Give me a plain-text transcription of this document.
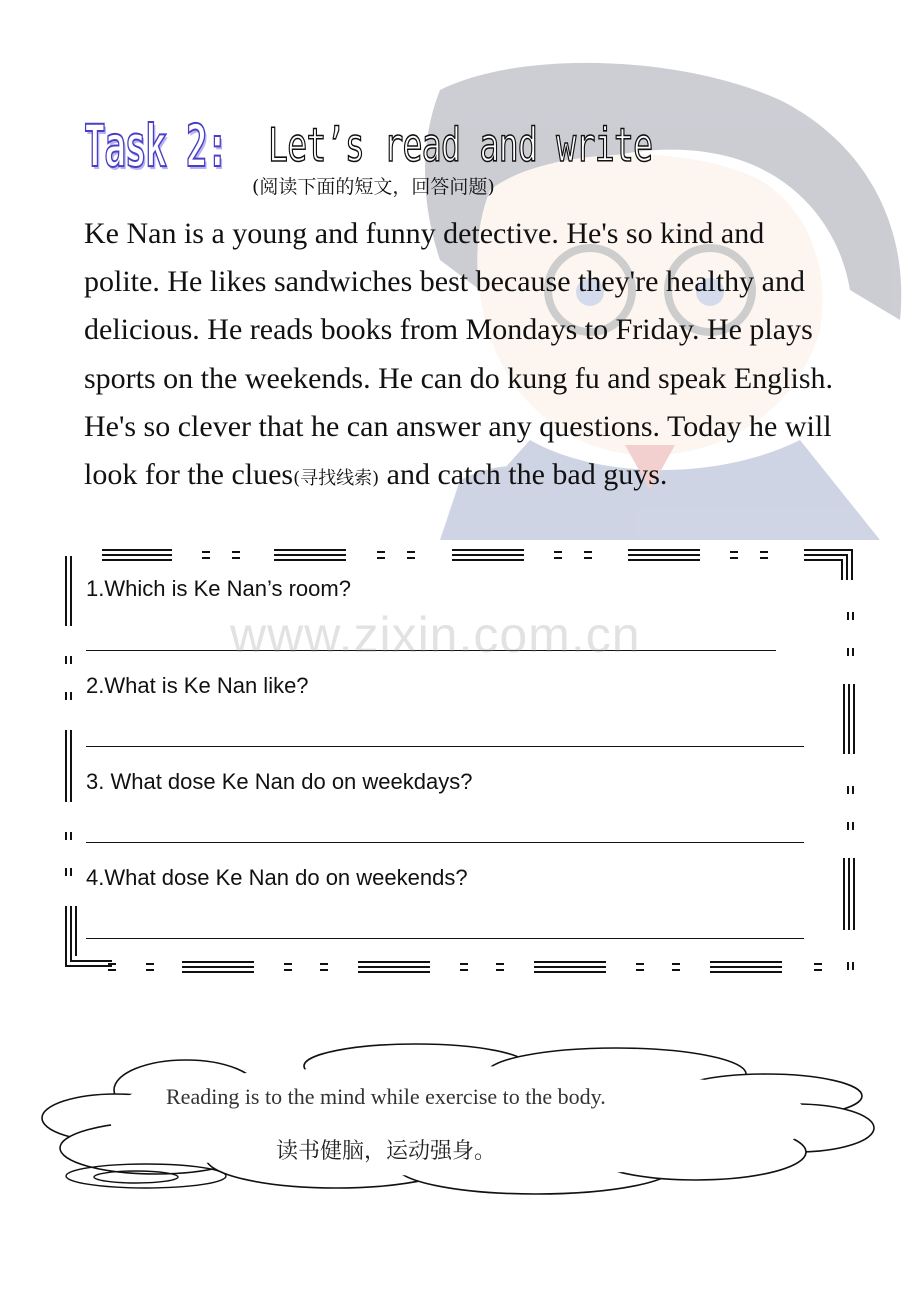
Task 2: Let’s read and write
(阅读下面的短文，回答问题)
Ke Nan is a young and funny detective. He's so kind and polite. He likes sandwiches best because they're healthy and delicious. He reads books from Mondays to Friday. He plays sports on the weekends. He can do kung fu and speak English. He's so clever that he can answer any questions. Today he will look for the clues(寻找线索) and catch the bad guys.
1.Which is Ke Nan’s room?
2.What is Ke Nan like?
3. What dose Ke Nan do on weekdays?
4.What dose Ke Nan do on weekends?
www.zixin.com.cn
Reading is to the mind while exercise to the body.
读书健脑，运动强身。
